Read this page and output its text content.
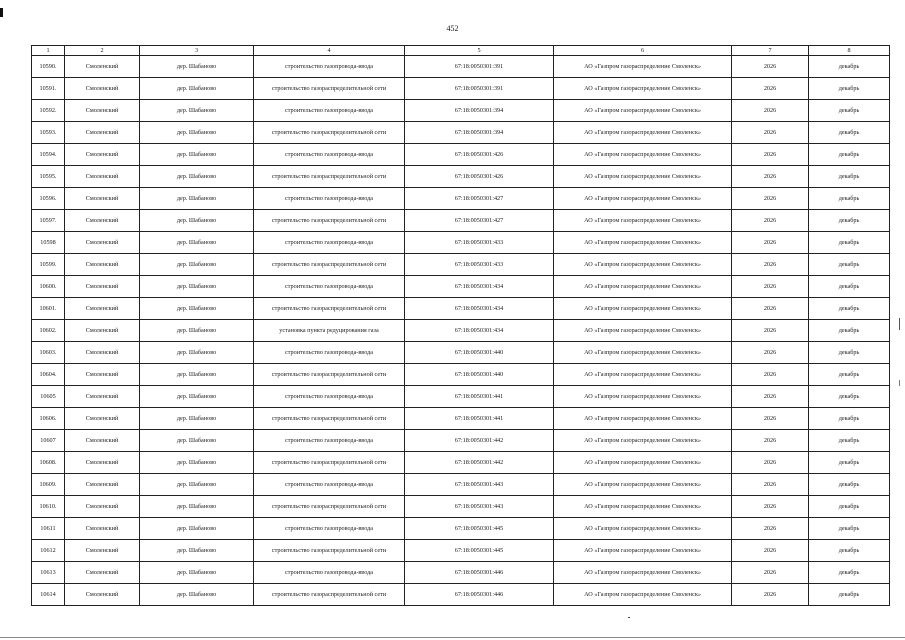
452
1	2	3	4	5	6	7	8
10590.	Смоленский	дер. Шабаново	строительство газопровода-ввода	67:18:0050301:391	АО «Газпром газораспределение Смоленск»	2026	декабрь
10591.	Смоленский	дер. Шабаново	строительство газораспределительной сети	67:18:0050301:391	АО «Газпром газораспределение Смоленск»	2026	декабрь
10592.	Смоленский	дер. Шабаново	строительство газопровода-ввода	67:18:0050301:394	АО «Газпром газораспределение Смоленск»	2026	декабрь
10593.	Смоленский	дер. Шабаново	строительство газораспределительной сети	67:18:0050301:394	АО «Газпром газораспределение Смоленск»	2026	декабрь
10594.	Смоленский	дер. Шабаново	строительство газопровода-ввода	67:18:0050301:426	АО «Газпром газораспределение Смоленск»	2026	декабрь
10595.	Смоленский	дер. Шабаново	строительство газораспределительной сети	67:18:0050301:426	АО «Газпром газораспределение Смоленск»	2026	декабрь
10596.	Смоленский	дер. Шабаново	строительство газопровода-ввода	67:18:0050301:427	АО «Газпром газораспределение Смоленск»	2026	декабрь
10597.	Смоленский	дер. Шабаново	строительство газораспределительной сети	67:18:0050301:427	АО «Газпром газораспределение Смоленск»	2026	декабрь
10598	Смоленский	дер. Шабаново	строительство газопровода-ввода	67:18:0050301:433	АО «Газпром газораспределение Смоленск»	2026	декабрь
10599.	Смоленский	дер. Шабаново	строительство газораспределительной сети	67:18:0050301:433	АО «Газпром газораспределение Смоленск»	2026	декабрь
10600.	Смоленский	дер. Шабаново	строительство газопровода-ввода	67:18:0050301:434	АО «Газпром газораспределение Смоленск»	2026	декабрь
10601.	Смоленский	дер. Шабаново	строительство газораспределительной сети	67:18:0050301:434	АО «Газпром газораспределение Смоленск»	2026	декабрь
10602.	Смоленский	дер. Шабаново	установка пункта редуцирования газа	67:18:0050301:434	АО «Газпром газораспределение Смоленск»	2026	декабрь
10603.	Смоленский	дер. Шабаново	строительство газопровода-ввода	67:18:0050301:440	АО «Газпром газораспределение Смоленск»	2026	декабрь
10604.	Смоленский	дер. Шабаново	строительство газораспределительной сети	67:18:0050301:440	АО «Газпром газораспределение Смоленск»	2026	декабрь
10605	Смоленский	дер. Шабаново	строительство газопровода-ввода	67:18:0050301:441	АО «Газпром газораспределение Смоленск»	2026	декабрь
10606.	Смоленский	дер. Шабаново	строительство газораспределительной сети	67:18:0050301:441	АО «Газпром газораспределение Смоленск»	2026	декабрь
10607	Смоленский	дер. Шабаново	строительство газопровода-ввода	67:18:0050301:442	АО «Газпром газораспределение Смоленск»	2026	декабрь
10608.	Смоленский	дер. Шабаново	строительство газораспределительной сети	67:18:0050301:442	АО «Газпром газораспределение Смоленск»	2026	декабрь
10609.	Смоленский	дер. Шабаново	строительство газопровода-ввода	67:18:0050301:443	АО «Газпром газораспределение Смоленск»	2026	декабрь
10610.	Смоленский	дер. Шабаново	строительство газораспределительной сети	67:18:0050301:443	АО «Газпром газораспределение Смоленск»	2026	декабрь
10611	Смоленский	дер. Шабаново	строительство газопровода-ввода	67:18:0050301:445	АО «Газпром газораспределение Смоленск»	2026	декабрь
10612	Смоленский	дер. Шабаново	строительство газораспределительной сети	67:18:0050301:445	АО «Газпром газораспределение Смоленск»	2026	декабрь
10613	Смоленский	дер. Шабаново	строительство газопровода-ввода	67:18:0050301:446	АО «Газпром газораспределение Смоленск»	2026	декабрь
10614	Смоленский	дер. Шабаново	строительство газораспределительной сети	67:18:0050301:446	АО «Газпром газораспределение Смоленск»	2026	декабрь
